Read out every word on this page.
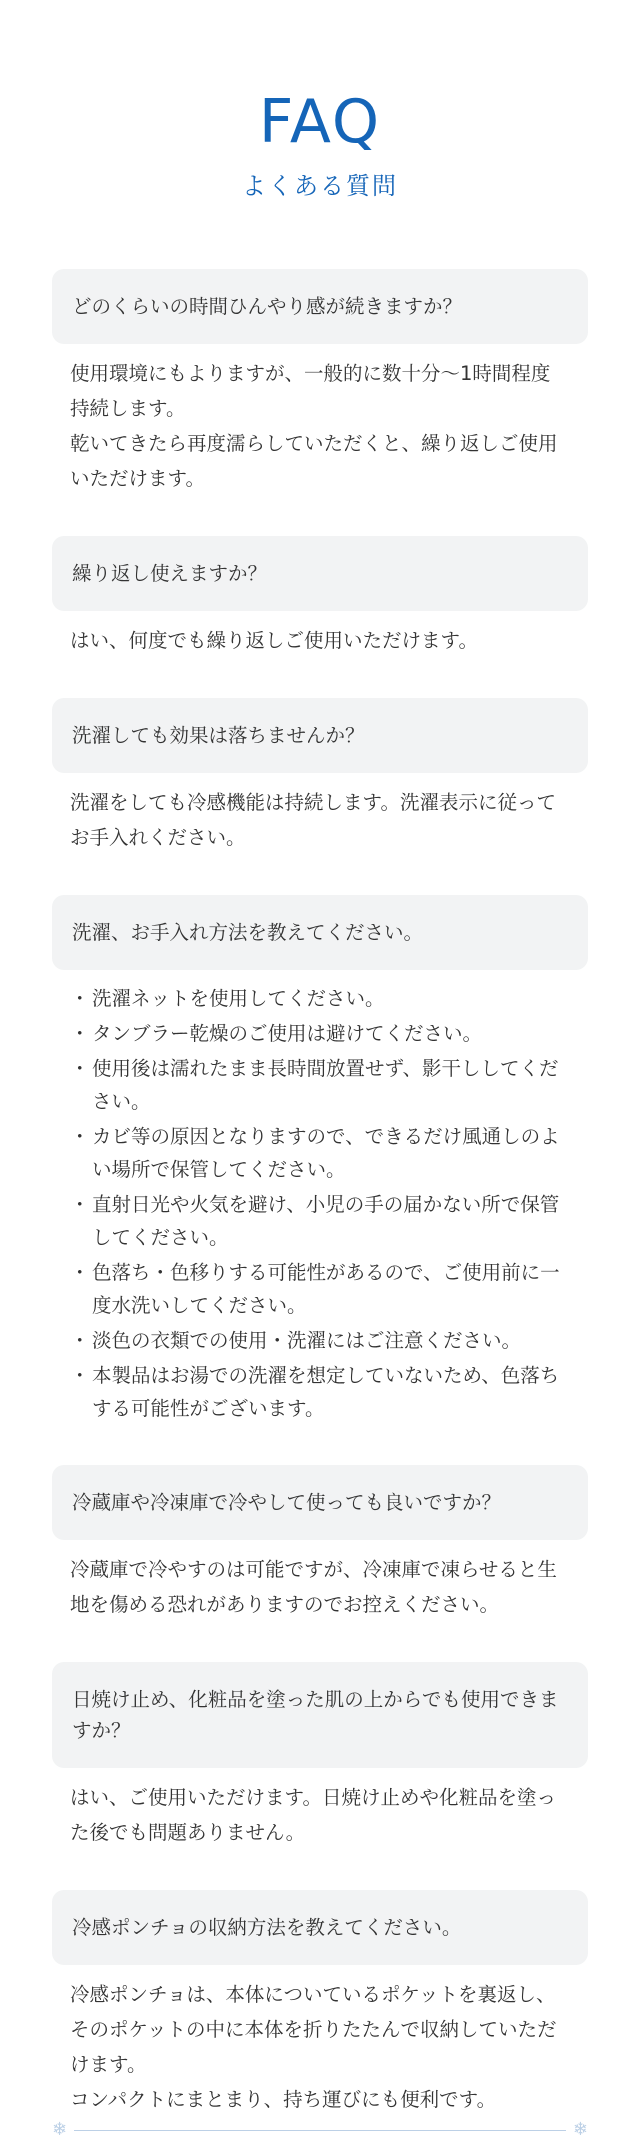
FAQ
よくある質問
どのくらいの時間ひんやり感が続きますか？

使用環境にもよりますが、一般的に数十分〜1時間程度持続します。

乾いてきたら再度濡らしていただくと、繰り返しご使用いただけます。

繰り返し使えますか？

はい、何度でも繰り返しご使用いただけます。

洗濯しても効果は落ちませんか？

洗濯をしても冷感機能は持続します。洗濯表示に従ってお手入れください。

洗濯、お手入れ方法を教えてください。
・ 洗濯ネットを使用してください。
・ タンブラー乾燥のご使用は避けてください。
・ 使用後は濡れたまま長時間放置せず、影干ししてください。
・ カビ等の原因となりますので、できるだけ風通しのよい場所で保管してください。
・ 直射日光や火気を避け、小児の手の届かない所で保管してください。
・ 色落ち・色移りする可能性があるので、ご使用前に一度水洗いしてください。
・ 淡色の衣類での使用・洗濯にはご注意ください。
・ 本製品はお湯での洗濯を想定していないため、色落ちする可能性がございます。
冷蔵庫や冷凍庫で冷やして使っても良いですか？

冷蔵庫で冷やすのは可能ですが、冷凍庫で凍らせると生地を傷める恐れがありますのでお控えください。

日焼け止め、化粧品を塗った肌の上からでも使用できますか？

はい、ご使用いただけます。日焼け止めや化粧品を塗った後でも問題ありません。

冷感ポンチョの収納方法を教えてください。

冷感ポンチョは、本体についているポケットを裏返し、そのポケットの中に本体を折りたたんで収納していただけます。

コンパクトにまとまり、持ち運びにも便利です。

❄	❄
